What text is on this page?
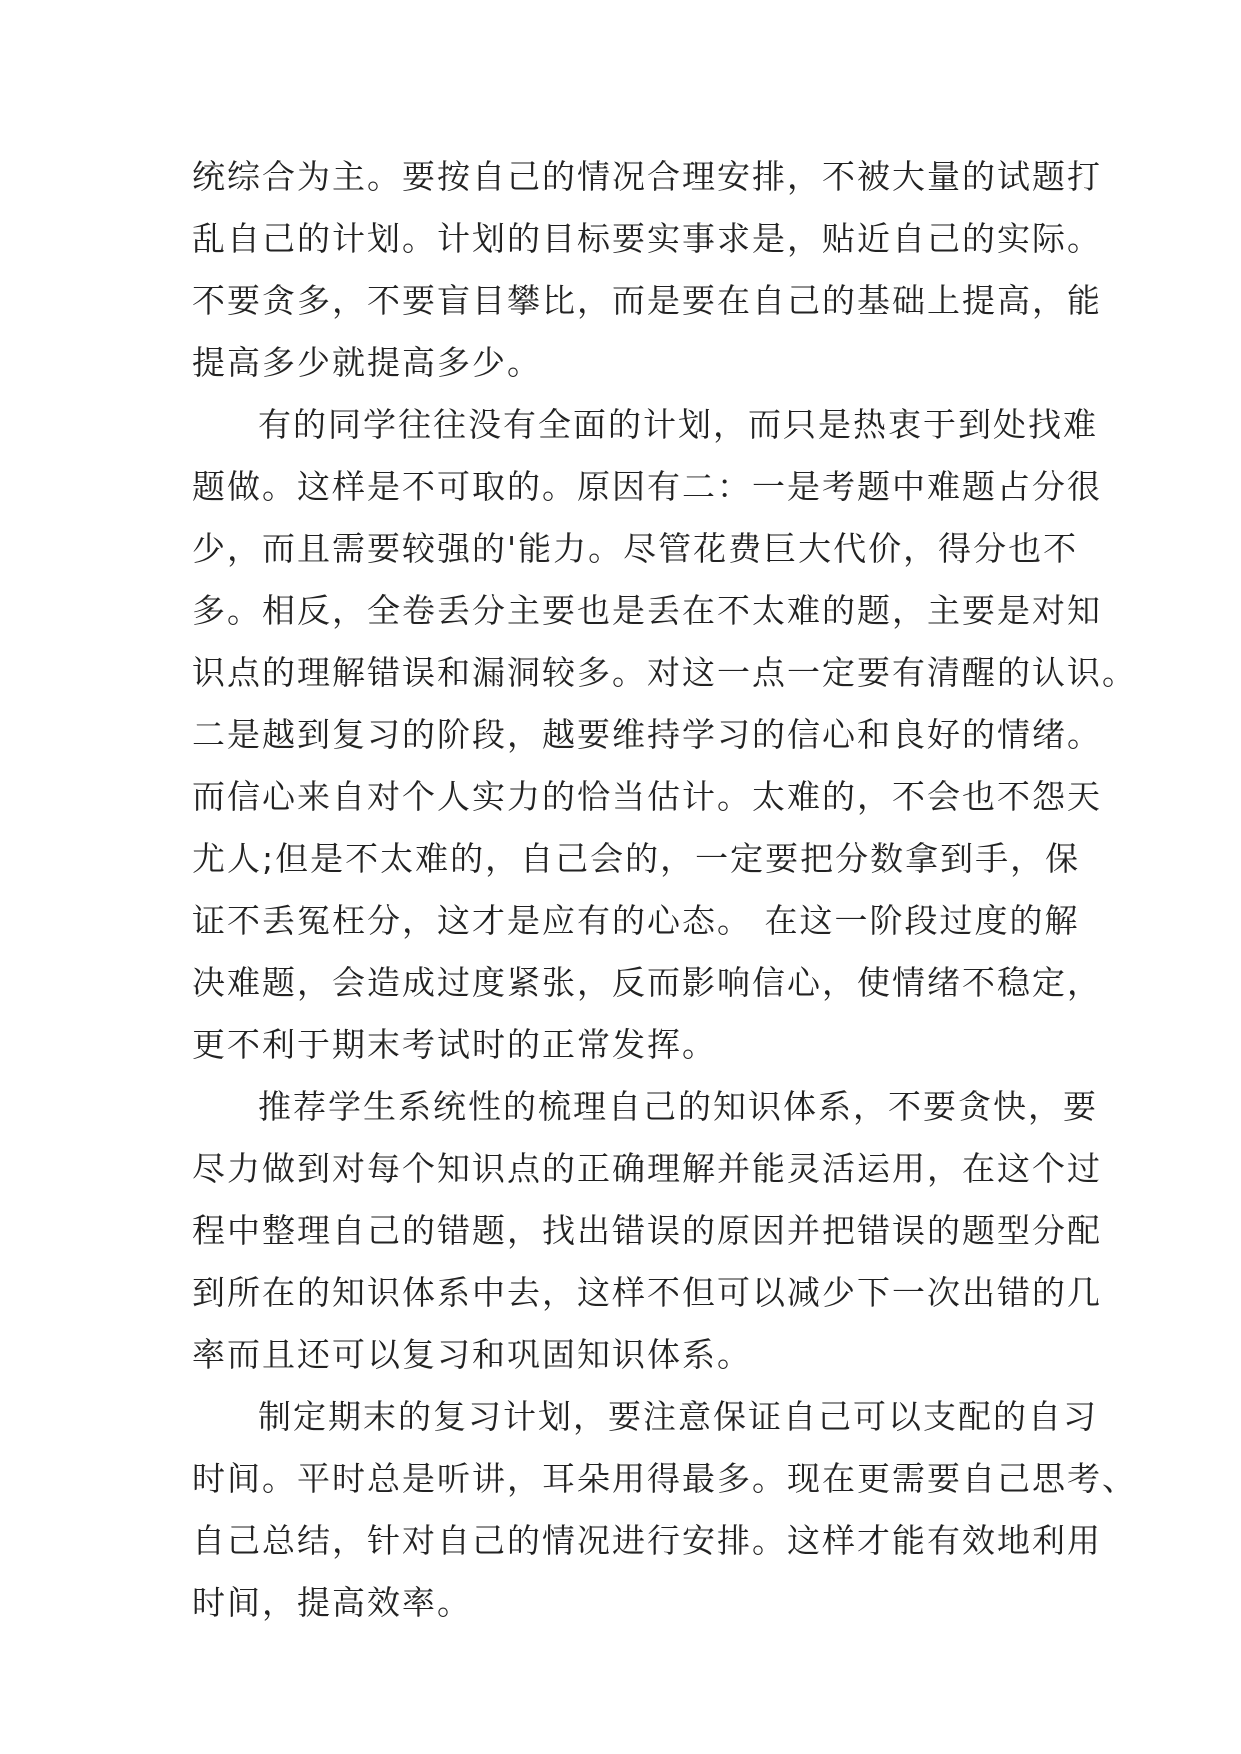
统综合为主。要按自己的情况合理安排，不被大量的试题打
乱自己的计划。计划的目标要实事求是，贴近自己的实际。
不要贪多，不要盲目攀比，而是要在自己的基础上提高，能
提高多少就提高多少。
有的同学往往没有全面的计划，而只是热衷于到处找难
题做。这样是不可取的。原因有二：一是考题中难题占分很
少，而且需要较强的'能力。尽管花费巨大代价，得分也不
多。相反，全卷丢分主要也是丢在不太难的题，主要是对知
识点的理解错误和漏洞较多。对这一点一定要有清醒的认识。
二是越到复习的阶段，越要维持学习的信心和良好的情绪。
而信心来自对个人实力的恰当估计。太难的，不会也不怨天
尤人;但是不太难的，自己会的，一定要把分数拿到手，保
证不丢冤枉分，这才是应有的心态。 在这一阶段过度的解
决难题，会造成过度紧张，反而影响信心，使情绪不稳定，
更不利于期末考试时的正常发挥。
推荐学生系统性的梳理自己的知识体系，不要贪快，要
尽力做到对每个知识点的正确理解并能灵活运用，在这个过
程中整理自己的错题，找出错误的原因并把错误的题型分配
到所在的知识体系中去，这样不但可以减少下一次出错的几
率而且还可以复习和巩固知识体系。
制定期末的复习计划，要注意保证自己可以支配的自习
时间。平时总是听讲，耳朵用得最多。现在更需要自己思考、
自己总结，针对自己的情况进行安排。这样才能有效地利用
时间，提高效率。
